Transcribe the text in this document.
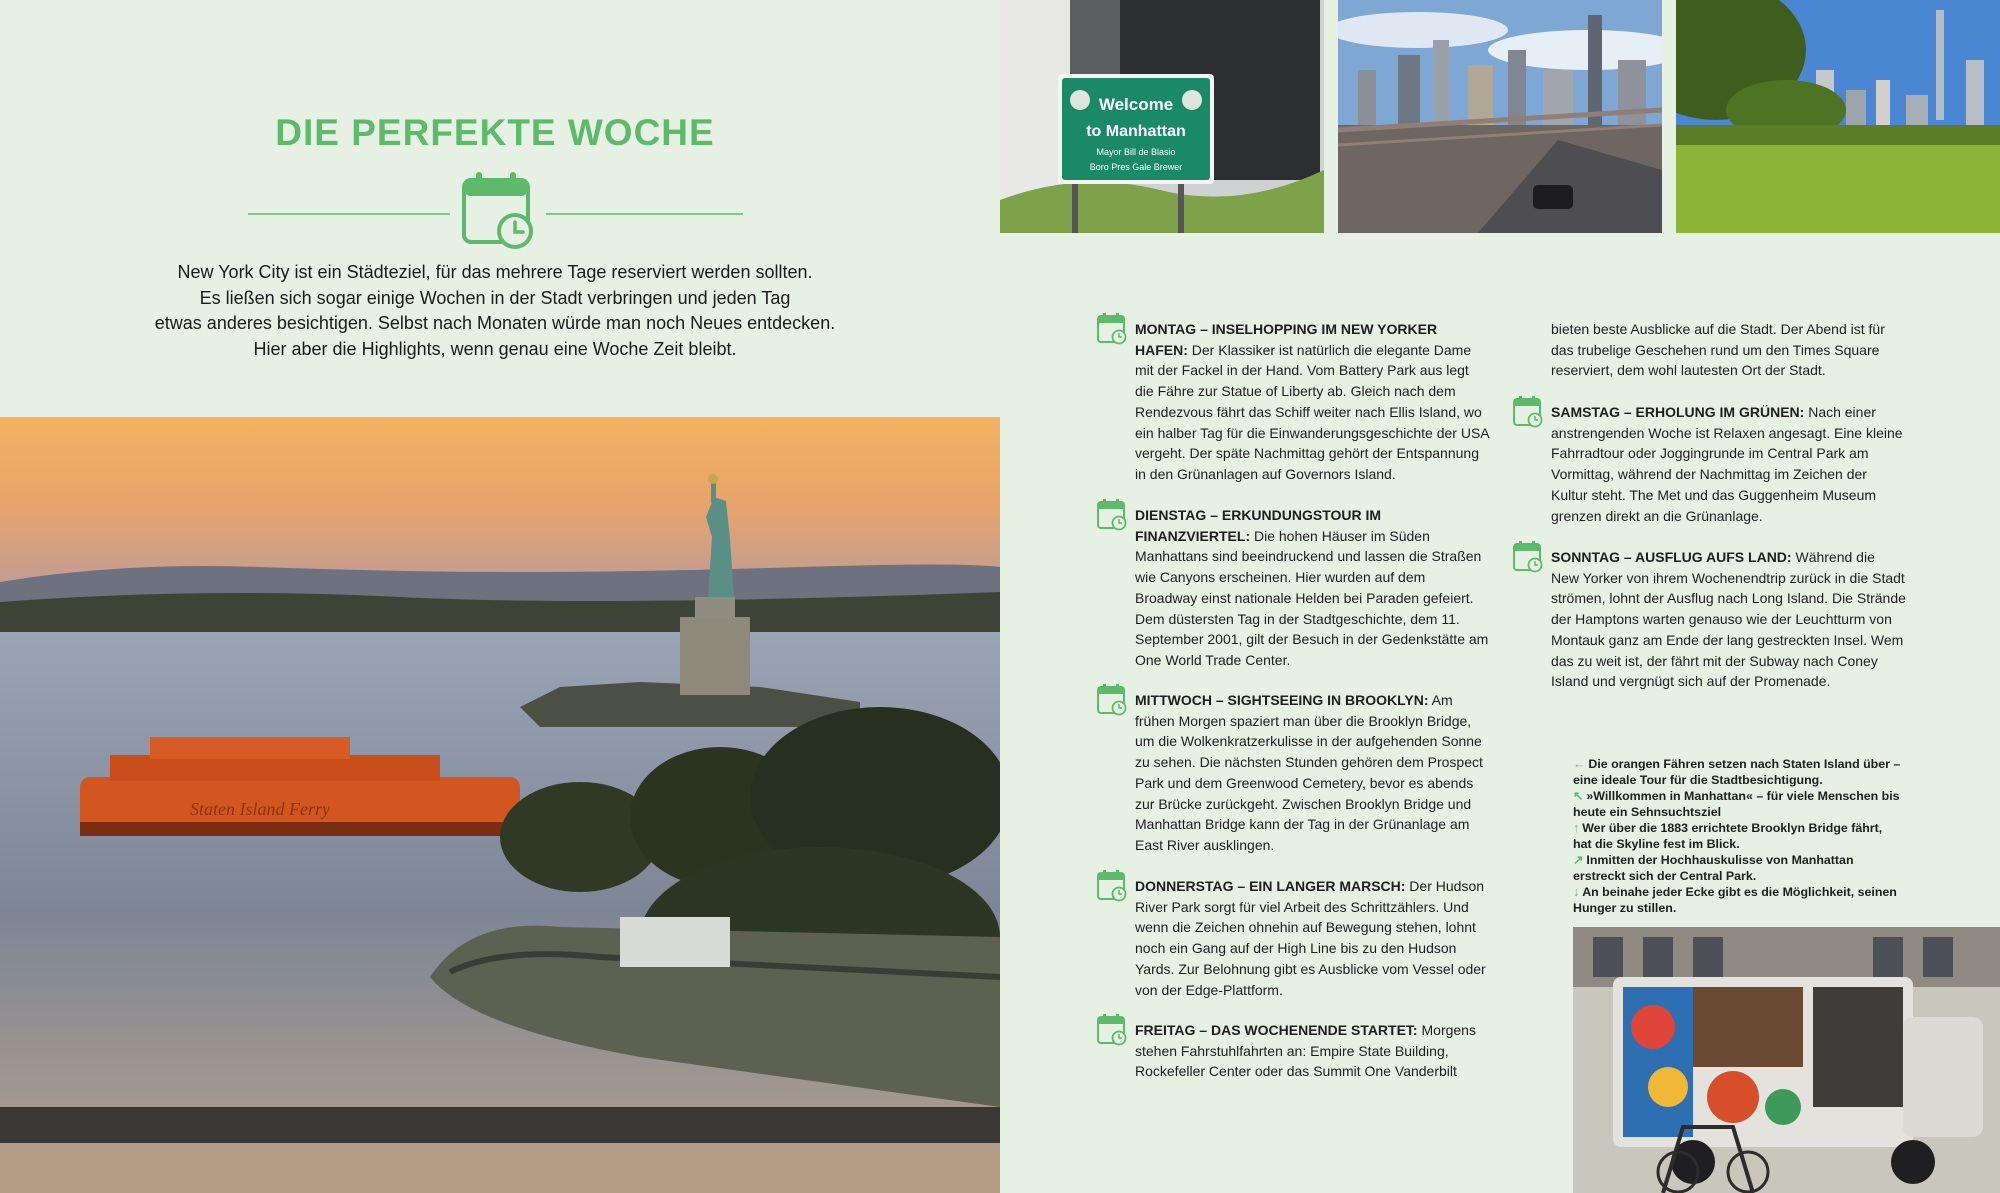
DIE PERFEKTE WOCHE
New York City ist ein Städteziel, für das mehrere Tage reserviert werden sollten.
Es ließen sich sogar einige Wochen in der Stadt verbringen und jeden Tag
etwas anderes besichtigen. Selbst nach Monaten würde man noch Neues entdecken.
Hier aber die Highlights, wenn genau eine Woche Zeit bleibt.
Staten Island Ferry
Welcome
to Manhattan
Mayor Bill de Blasio
Boro Pres Gale Brewer
MONTAG – INSELHOPPING IM NEW YORKER HAFEN: Der Klassiker ist natürlich die elegante Dame mit der Fackel in der Hand. Vom Battery Park aus legt die Fähre zur Statue of Liberty ab. Gleich nach dem Rendezvous fährt das Schiff weiter nach Ellis Island, wo ein halber Tag für die Einwanderungsgeschichte der USA vergeht. Der späte Nachmittag gehört der Entspannung in den Grünanlagen auf Governors Island.
DIENSTAG – ERKUNDUNGSTOUR IM FINANZVIERTEL: Die hohen Häuser im Süden Manhattans sind beeindruckend und lassen die Straßen wie Canyons erscheinen. Hier wurden auf dem Broadway einst nationale Helden bei Paraden gefeiert. Dem düstersten Tag in der Stadtgeschichte, dem 11. September 2001, gilt der Besuch in der Gedenkstätte am One World Trade Center.
MITTWOCH – SIGHTSEEING IN BROOKLYN: Am frühen Morgen spaziert man über die Brooklyn Bridge, um die Wolkenkratzerkulisse in der aufgehenden Sonne zu sehen. Die nächsten Stunden gehören dem Prospect Park und dem Greenwood Cemetery, bevor es abends zur Brücke zurückgeht. Zwischen Brooklyn Bridge und Manhattan Bridge kann der Tag in der Grünanlage am East River ausklingen.
DONNERSTAG – EIN LANGER MARSCH: Der Hudson River Park sorgt für viel Arbeit des Schrittzählers. Und wenn die Zeichen ohnehin auf Bewegung stehen, lohnt noch ein Gang auf der High Line bis zu den Hudson Yards. Zur Belohnung gibt es Ausblicke vom Vessel oder von der Edge-Plattform.
FREITAG – DAS WOCHENENDE STARTET: Morgens stehen Fahrstuhlfahrten an: Empire State Building, Rockefeller Center oder das Summit One Vanderbilt
bieten beste Ausblicke auf die Stadt. Der Abend ist für das trubelige Geschehen rund um den Times Square reserviert, dem wohl lautesten Ort der Stadt.
SAMSTAG – ERHOLUNG IM GRÜNEN: Nach einer anstrengenden Woche ist Relaxen angesagt. Eine kleine Fahrradtour oder Joggingrunde im Central Park am Vormittag, während der Nachmittag im Zeichen der Kultur steht. The Met und das Guggenheim Museum grenzen direkt an die Grünanlage.
SONNTAG – AUSFLUG AUFS LAND: Während die New Yorker von ihrem Wochenendtrip zurück in die Stadt strömen, lohnt der Ausflug nach Long Island. Die Strände der Hamptons warten genauso wie der Leuchtturm von Montauk ganz am Ende der lang gestreckten Insel. Wem das zu weit ist, der fährt mit der Subway nach Coney Island und vergnügt sich auf der Promenade.
← Die orangen Fähren setzen nach Staten Island über – eine ideale Tour für die Stadtbesichtigung.
↖ »Willkommen in Manhattan« – für viele Menschen bis heute ein Sehnsuchtsziel
↑ Wer über die 1883 errichtete Brooklyn Bridge fährt, hat die Skyline fest im Blick.
↗ Inmitten der Hochhauskulisse von Manhattan erstreckt sich der Central Park.
↓ An beinahe jeder Ecke gibt es die Möglichkeit, seinen Hunger zu stillen.
